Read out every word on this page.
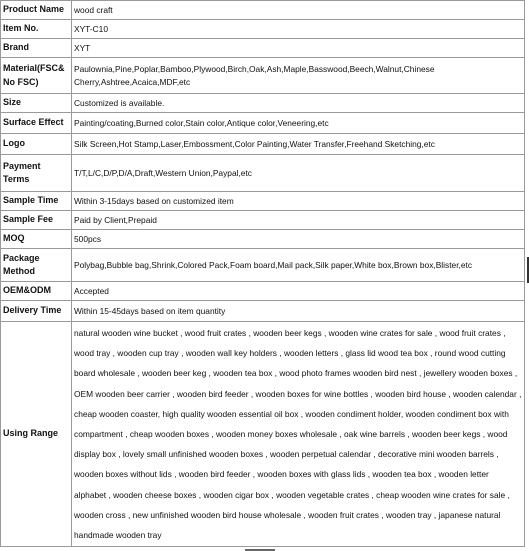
Product Name	wood craft
Item No.	XYT-C10
Brand	XYT
Material(FSC& No FSC)	Paulownia,Pine,Poplar,Bamboo,Plywood,Birch,Oak,Ash,Maple,Basswood,Beech,Walnut,Chinese Cherry,Ashtree,Acaica,MDF,etc
Size	Customized is available.
Surface Effect	Painting/coating,Burned color,Stain color,Antique color,Veneering,etc
Logo	Silk Screen,Hot Stamp,Laser,Embossment,Color Painting,Water Transfer,Freehand Sketching,etc
Payment Terms	T/T,L/C,D/P,D/A,Draft,Western Union,Paypal,etc
Sample Time	Within 3-15days based on customized item
Sample Fee	Paid by Client,Prepaid
MOQ	500pcs
Package Method	Polybag,Bubble bag,Shrink,Colored Pack,Foam board,Mail pack,Silk paper,White box,Brown box,Blister,etc
OEM&ODM	Accepted
Delivery Time	Within 15-45days based on item quantity
Using Range	natural wooden wine bucket , wood fruit crates , wooden beer kegs , wooden wine crates for sale , wood fruit crates , wood tray , wooden cup tray , wooden wall key holders , wooden letters , glass lid wood tea box , round wood cutting board wholesale , wooden beer keg , wooden tea box , wood photo frames wooden bird nest , jewellery wooden boxes , OEM wooden beer carrier , wooden bird feeder , wooden boxes for wine bottles , wooden bird house , wooden calendar , cheap wooden coaster, high quality wooden essential oil box , wooden condiment holder, wooden condiment box with compartment , cheap wooden boxes , wooden money boxes wholesale , oak wine barrels , wooden beer kegs , wood display box , lovely small unfinished wooden boxes , wooden perpetual calendar , decorative mini wooden barrels , wooden boxes without lids , wooden bird feeder , wooden boxes with glass lids , wooden tea box , wooden letter alphabet , wooden cheese boxes , wooden cigar box , wooden vegetable crates , cheap wooden wine crates for sale , wooden cross , new unfinished wooden bird house wholesale , wooden fruit crates , wooden tray , japanese natural handmade wooden tray
